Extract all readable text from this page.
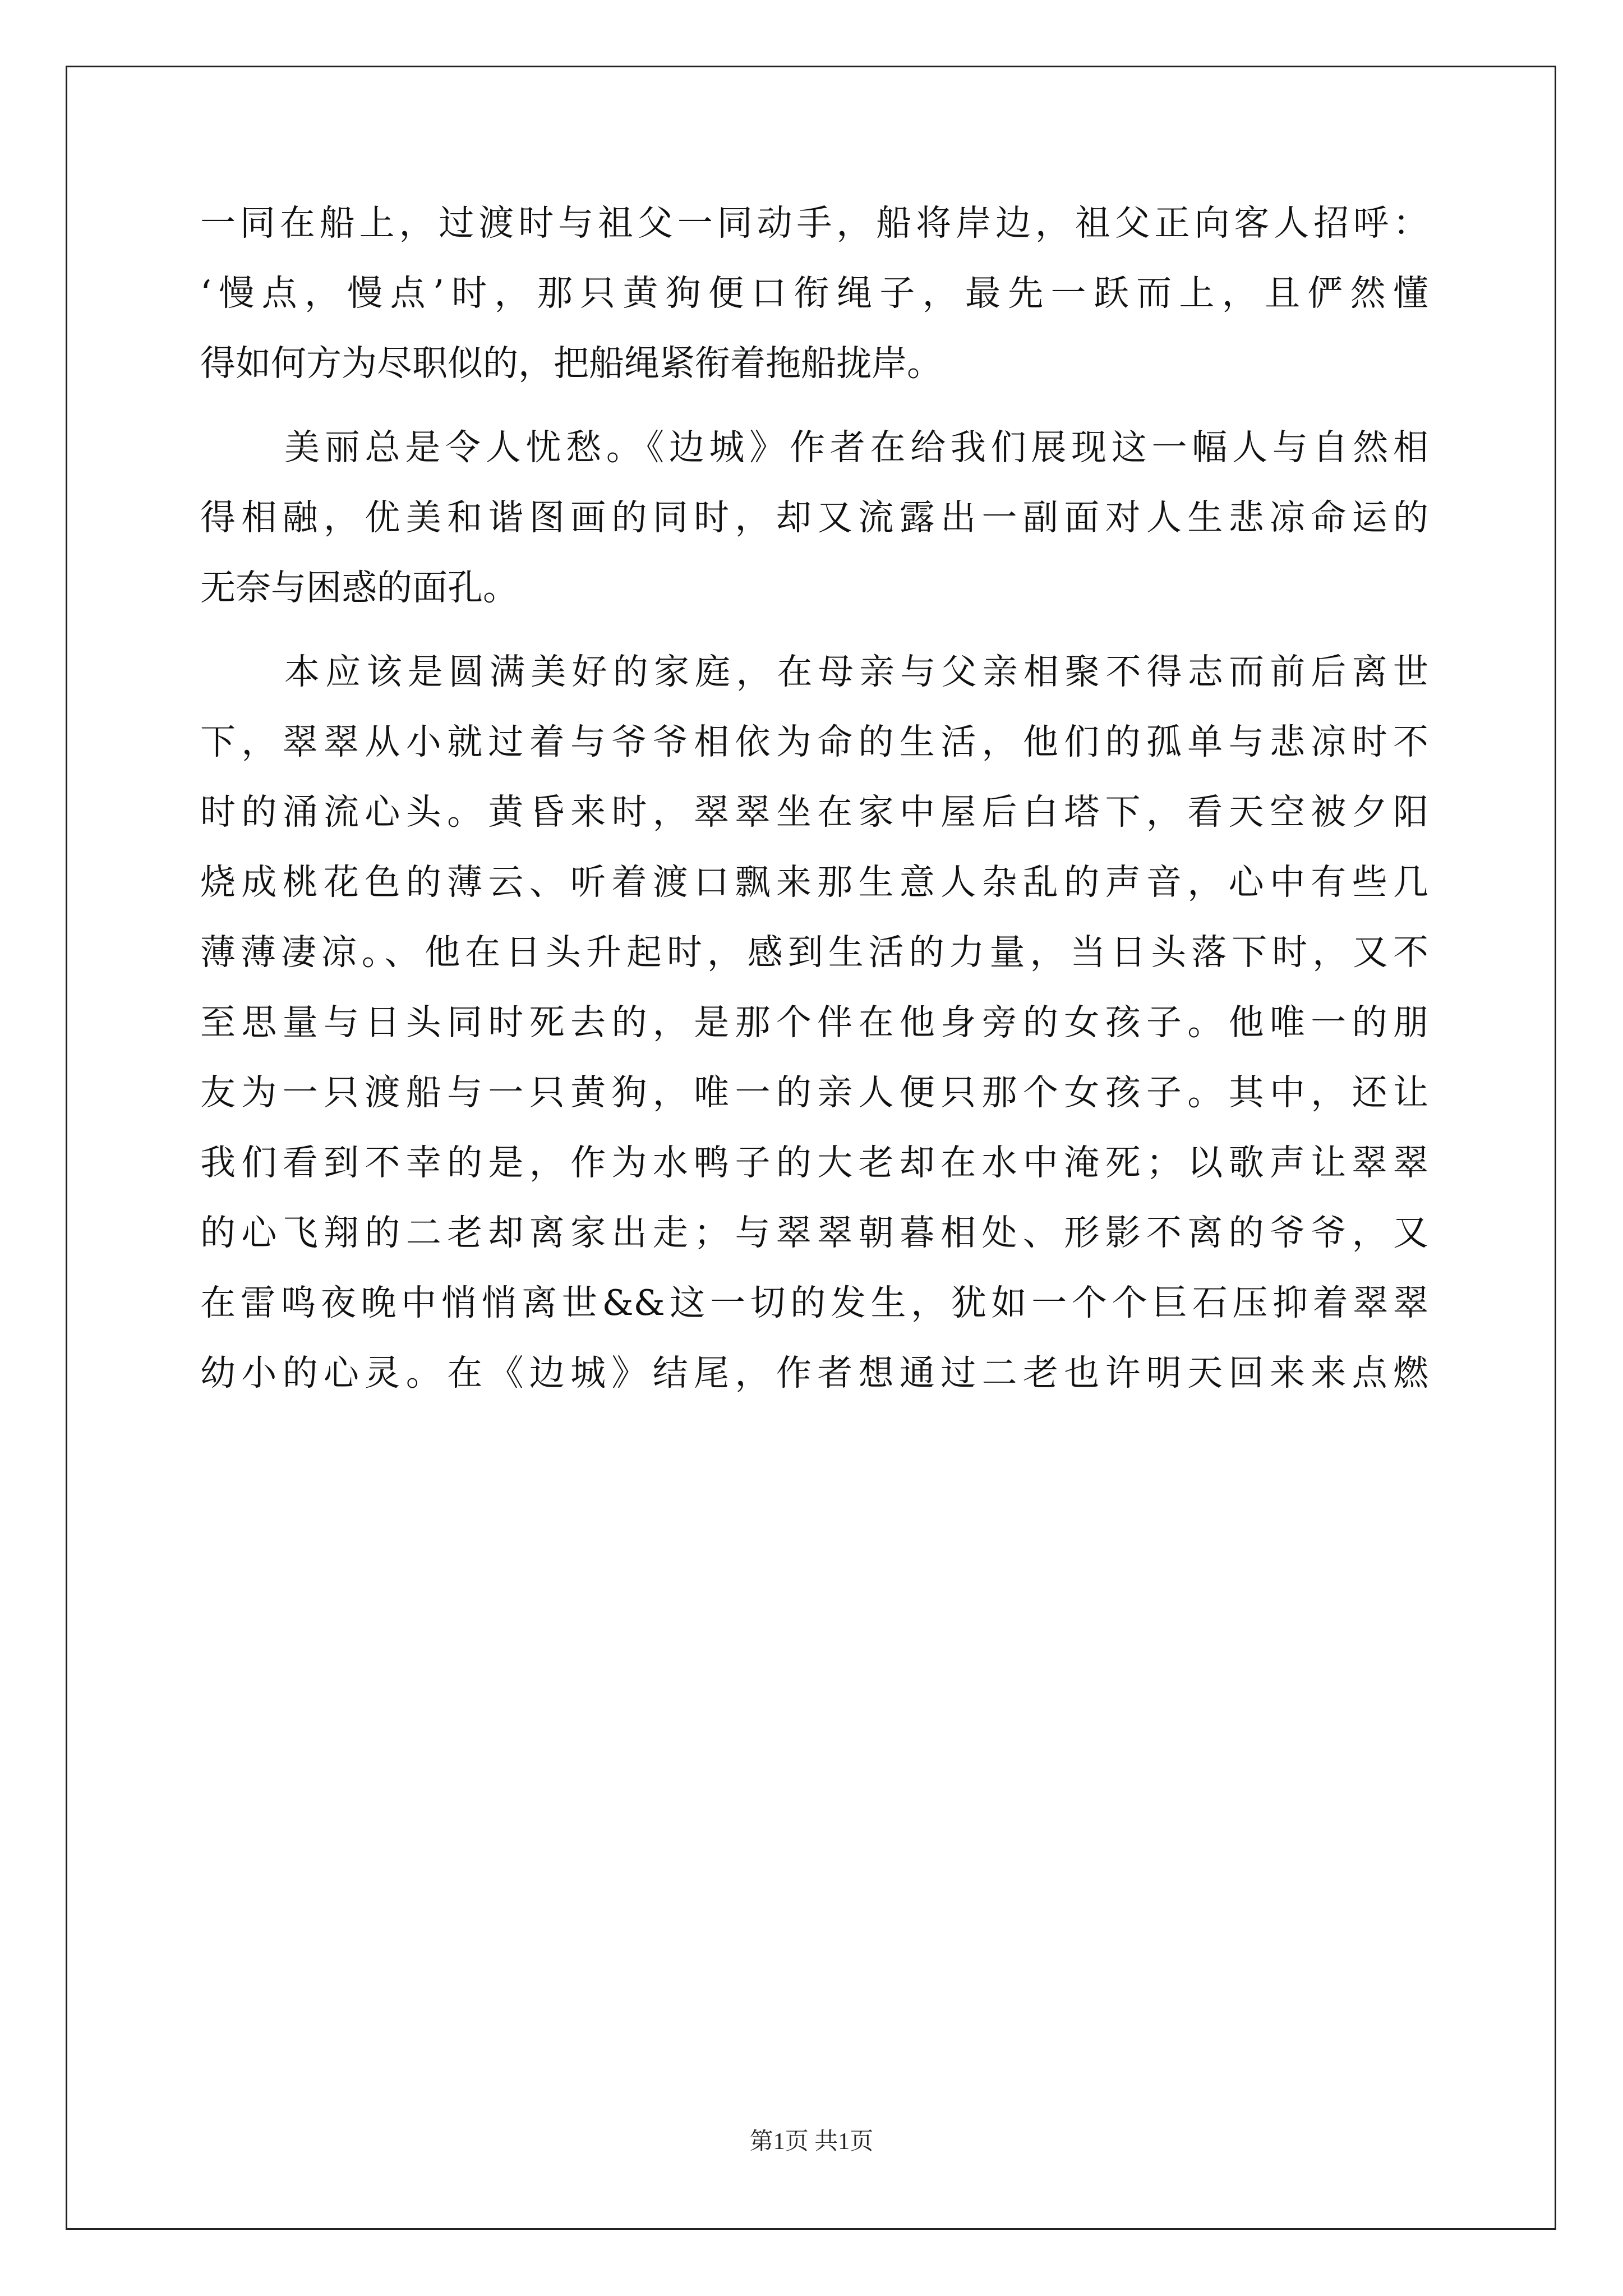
一同在船上，过渡时与祖父一同动手，船将岸边，祖父正向客人招呼：
‘慢点，慢点’时，那只黄狗便口衔绳子，最先一跃而上，且俨然懂
得如何方为尽职似的，把船绳紧衔着拖船拢岸。
美丽总是令人忧愁。《边城》作者在给我们展现这一幅人与自然相
得相融，优美和谐图画的同时，却又流露出一副面对人生悲凉命运的
无奈与困惑的面孔。
本应该是圆满美好的家庭，在母亲与父亲相聚不得志而前后离世
下，翠翠从小就过着与爷爷相依为命的生活，他们的孤单与悲凉时不
时的涌流心头。黄昏来时，翠翠坐在家中屋后白塔下，看天空被夕阳
烧成桃花色的薄云、听着渡口飘来那生意人杂乱的声音，心中有些几
薄薄凄凉。、他在日头升起时，感到生活的力量，当日头落下时，又不
至思量与日头同时死去的，是那个伴在他身旁的女孩子。他唯一的朋
友为一只渡船与一只黄狗，唯一的亲人便只那个女孩子。其中，还让
我们看到不幸的是，作为水鸭子的大老却在水中淹死；以歌声让翠翠
的心飞翔的二老却离家出走；与翠翠朝暮相处、形影不离的爷爷，又
在雷鸣夜晚中悄悄离世&&这一切的发生，犹如一个个巨石压抑着翠翠
幼小的心灵。在《边城》结尾，作者想通过二老也许明天回来来点燃
第1页 共1页
